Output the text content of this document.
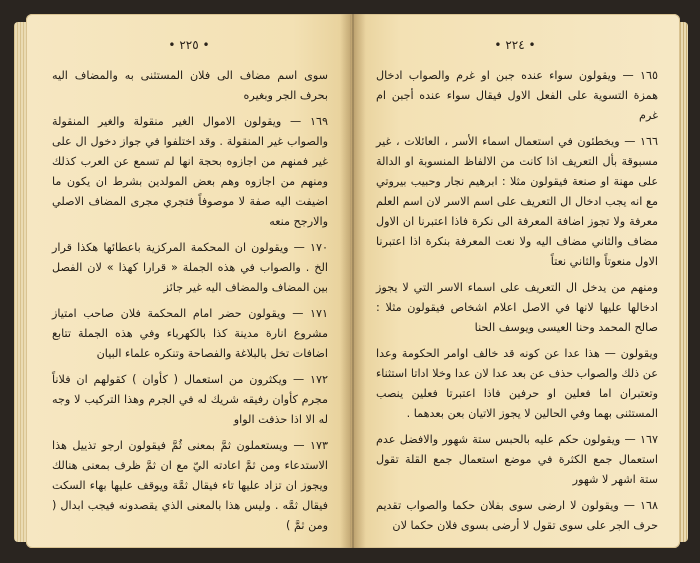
• ٢٢٥ •

سوى اسم مضاف الى فلان المستثنى به والمضاف اليه بحرف الجر وبغيره

١٦٩ — ويقولون الاموال الغير منقولة والغير المنقولة والصواب غير المنقولة . وقد اختلفوا في جواز دخول ال على غير فمنهم من اجازوه بحجة انها لم تسمع عن العرب كذلك ومنهم من اجازوه وهم بعض المولدين بشرط ان يكون ما اضيفت اليه صفة لا موصوفاً فتجري مجرى المضاف الاصلي والارجح منعه

١٧٠ — ويقولون ان المحكمة المركزية باعطائها هكذا قرار الخ . والصواب في هذه الجملة « قرارا كهذا » لان الفصل بين المضاف والمضاف اليه غير جائز

١٧١ — ويقولون حضر امام المحكمة فلان صاحب امتياز مشروع انارة مدينة كذا بالكهرباء وفي هذه الجملة تتابع اضافات تخل بالبلاغة والفصاحة وتنكره علماء البيان

١٧٢ — ويكثرون من استعمال ( كأوان ) كقولهم ان فلاناً مجرم كأوان رفيقه شريك له في الجرم وهذا التركيب لا وجه له الا اذا حذفت الواو

١٧٣ — ويستعملون ثمَّ بمعنى ثُمَّ فيقولون ارجو تذييل هذا الاستدعاء ومن ثمَّ اعادته اليّ مع ان ثمَّ ظرف بمعنى هنالك ويجوز ان تزاد عليها تاء فيقال ثمَّة ويوقف عليها بهاء السكت فيقال ثمَّه . وليس هذا بالمعنى الذي يقصدونه فيجب ابدال ( ومن ثمَّ )

• ٢٢٤ •

١٦٥ — ويقولون سواء عنده جبن او غرم والصواب ادخال همزة التسوية على الفعل الاول فيقال سواء عنده أجبن ام غرم

١٦٦ — ويخطئون في استعمال اسماء الأسر ، العائلات ، غير مسبوقة بأل التعريف اذا كانت من الالفاظ المنسوبة او الدالة على مهنة او صنعة فيقولون مثلا : ابرهيم نجار وحبيب بيروتي مع انه يجب ادخال ال التعريف على اسم الاسر لان اسم العلم معرفة ولا تجوز اضافة المعرفة الى نكرة فاذا اعتبرنا ان الاول مضاف والثاني مضاف اليه ولا نعت المعرفة بنكرة اذا اعتبرنا الاول منعوتاً والثاني نعتاً

ومنهم من يدخل ال التعريف على اسماء الاسر التي لا يجوز ادخالها عليها لانها في الاصل اعلام اشخاص فيقولون مثلا : صالح المحمد وحنا العيسى ويوسف الحنا

ويقولون — هذا عدا عن كونه قد خالف اوامر الحكومة وعدا عن ذلك والصواب حذف عن بعد عدا لان عدا وخلا اداتا استثناء وتعتبران اما فعلين او حرفين فاذا اعتبرتا فعلين ينصب المستثنى بهما وفي الحالين لا يجوز الاتيان بعن بعدهما .

١٦٧ — ويقولون حكم عليه بالحبس ستة شهور والافضل عدم استعمال جمع الكثرة في موضع استعمال جمع القلة تقول ستة اشهر لا شهور

١٦٨ — ويقولون لا ارضى سوى بفلان حكما والصواب تقديم حرف الجر على سوى تقول لا أرضى بسوى فلان حكما لان
